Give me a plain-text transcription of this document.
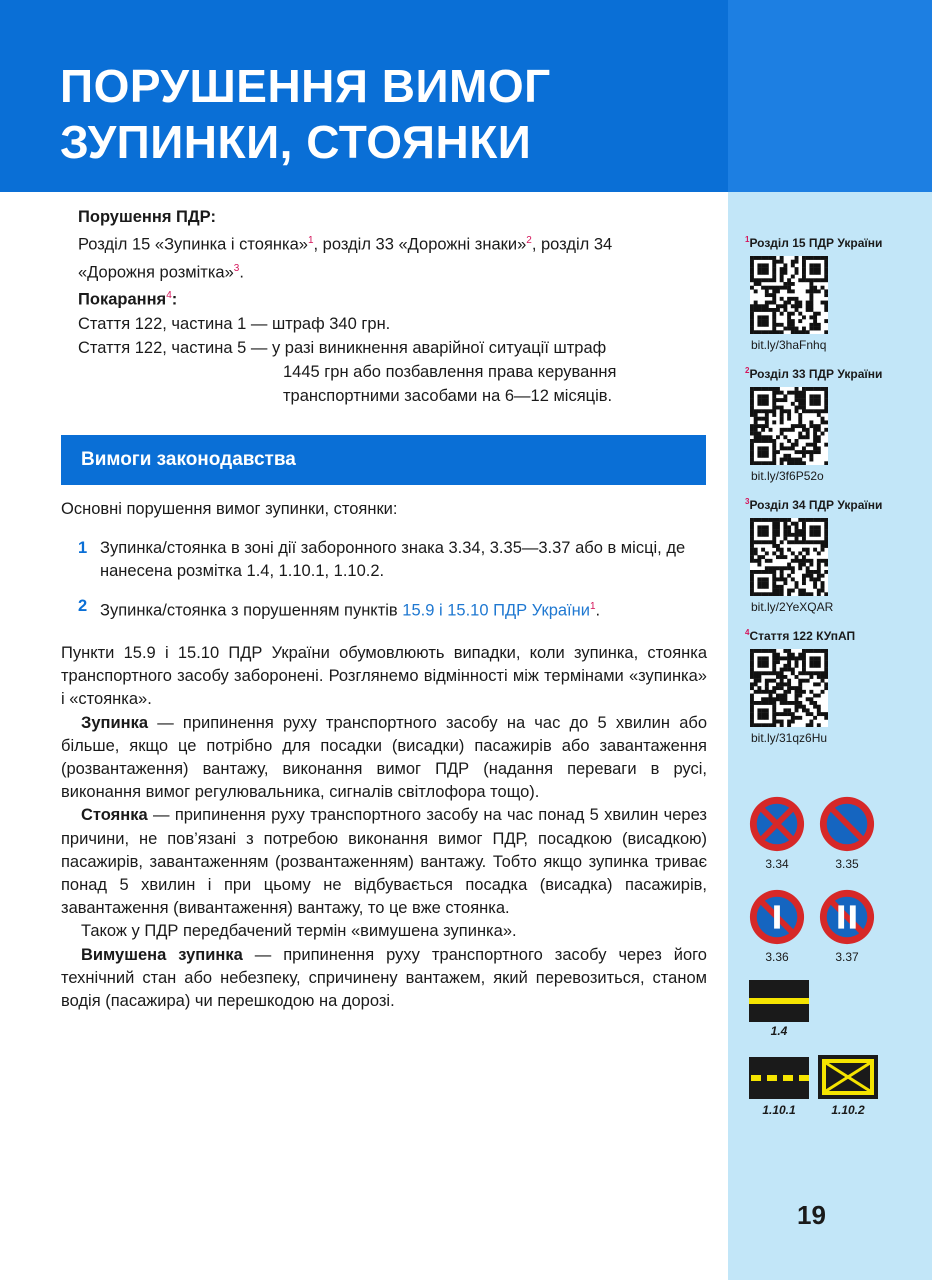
ПОРУШЕННЯ ВИМОГ
ЗУПИНКИ, СТОЯНКИ

Порушення ПДР:

Розділ 15 «Зупинка і стоянка»$^1$, розділ 33 «Дорожні знаки»$^2$, розділ 34
«Дорожня розмітка»$^3$.

Покарання$^4$:

Стаття 122, частина 1 — штраф 340 грн.

Стаття 122, частина 5 — у разі виникнення аварійної ситуації штраф

1445 грн або позбавлення права керування

транспортними засобами на 6—12 місяців.

Вимоги законодавства
Основні порушення вимог зупинки, стоянки:
1 Зупинка/стоянка в зоні дії заборонного знака 3.34, 3.35—3.37 або в місці, де нанесена розмітка 1.4, 1.10.1, 1.10.2.
2 Зупинка/стоянка з порушенням пунктів 15.9 і 15.10 ПДР України$^1$.

Пункти 15.9 і 15.10 ПДР України обумовлюють випадки, коли зупинка, стоянка транспортного засобу заборонені. Розглянемо відмінності між термінами «зупинка» і «стоянка».

Зупинка — припинення руху транспортного засобу на час до 5 хвилин або більше, якщо це потрібно для посадки (висадки) пасажирів або завантаження (розвантаження) вантажу, виконання вимог ПДР (надання переваги в русі, виконання вимог регулювальника, сигналів світлофора тощо).

Стоянка — припинення руху транспортного засобу на час понад 5 хвилин через причини, не пов’язані з потребою виконання вимог ПДР, посадкою (висадкою) пасажирів, завантаженням (розвантаженням) вантажу. Тобто якщо зупинка триває понад 5 хвилин і при цьому не відбувається посадка (висадка) пасажирів, завантаження (вивантаження) вантажу, то це вже стоянка.

Також у ПДР передбачений термін «вимушена зупинка».

Вимушена зупинка — припинення руху транспортного засобу через його технічний стан або небезпеку, спричинену вантажем, який перевозиться, станом водія (пасажира) чи перешкодою на дорозі.

$^1$Розділ 15 ПДР України
bit.ly/3haFnhq
$^2$Розділ 33 ПДР України
bit.ly/3f6P52o
$^3$Розділ 34 ПДР України
bit.ly/2YeXQAR
$^4$Стаття 122 КУпАП
bit.ly/31qz6Hu
3.34	3.35
3.36	3.37
1.4
1.10.1	1.10.2
19
